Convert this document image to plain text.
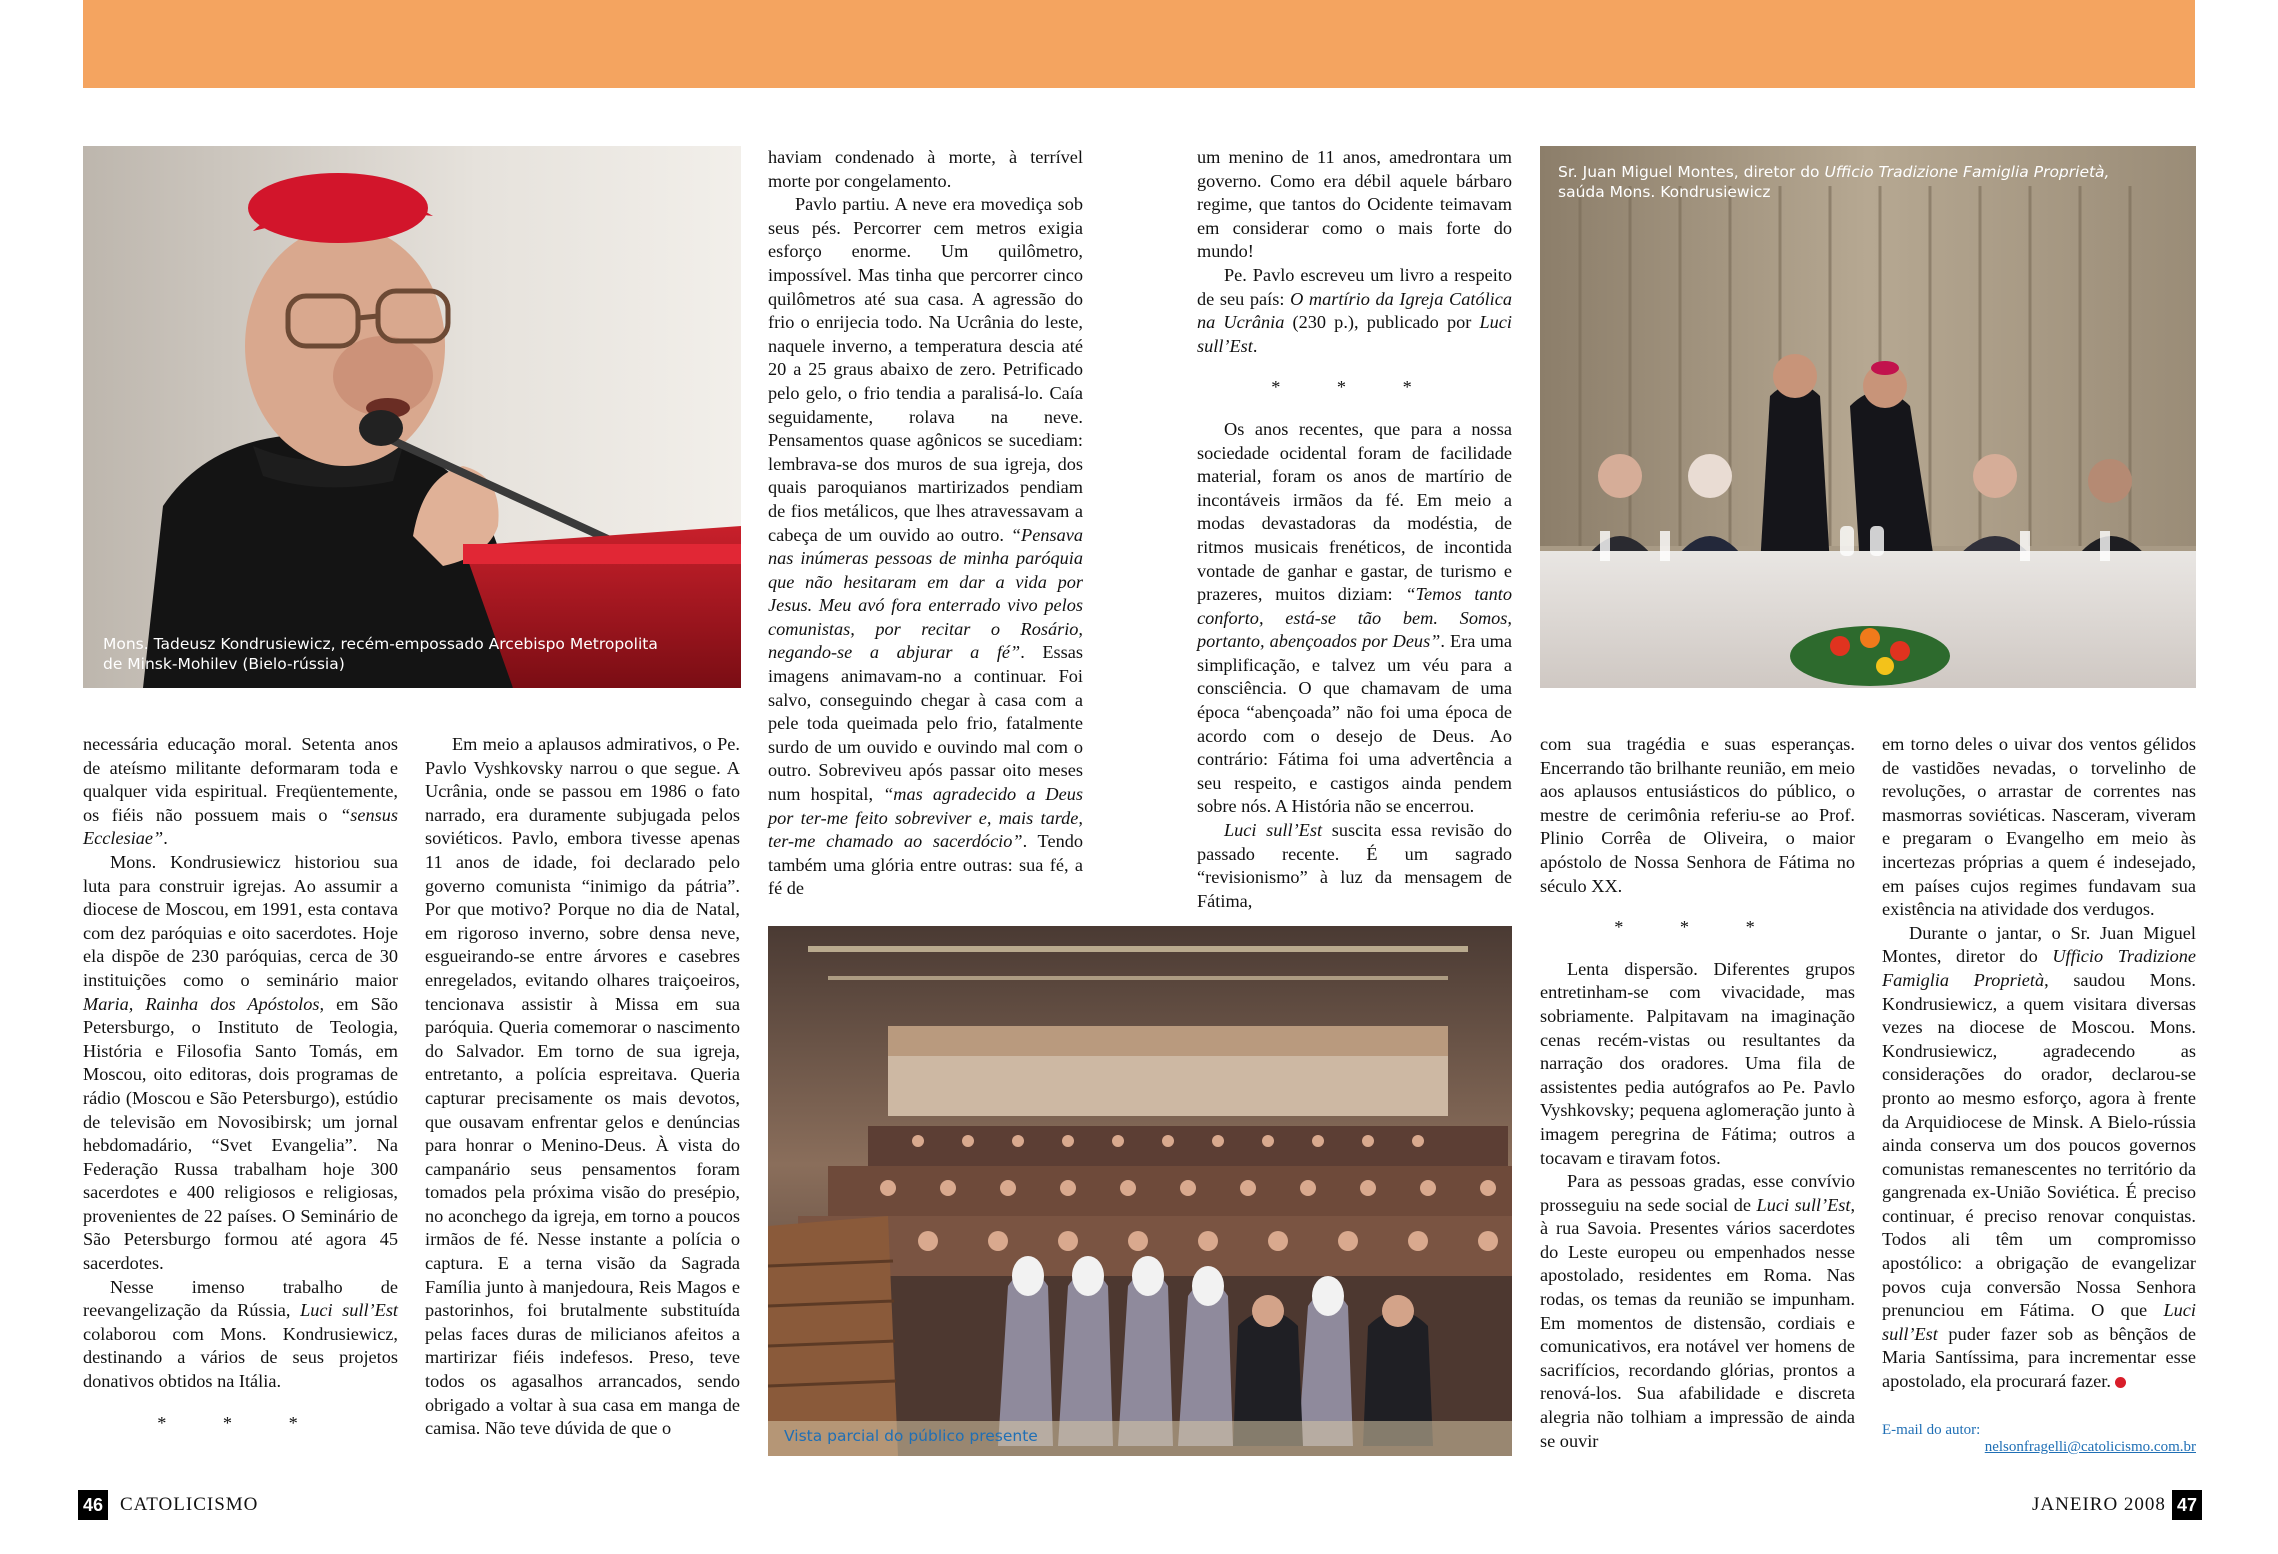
Mons. Tadeusz Kondrusiewicz, recém-empossado Arcebispo Metropolita
de Minsk-Mohilev (Bielo-rússia)
Sr. Juan Miguel Montes, diretor do Ufficio Tradizione Famiglia Proprietà,
saúda Mons. Kondrusiewicz
Vista parcial do público presente

necessária educação moral. Setenta anos de ateísmo militante deformaram toda e qualquer vida espiritual. Freqüentemente, os fiéis não possuem mais o “sensus Ecclesiae”.

Mons. Kondrusiewicz historiou sua luta para construir igrejas. Ao assumir a diocese de Moscou, em 1991, esta contava com dez paróquias e oito sacerdotes. Hoje ela dispõe de 230 paróquias, cerca de 30 instituições como o seminário maior Maria, Rainha dos Apóstolos, em São Petersburgo, o Instituto de Teologia, História e Filosofia Santo Tomás, em Moscou, oito editoras, dois programas de rádio (Moscou e São Petersburgo), estúdio de televisão em Novosibirsk; um jornal hebdomadário, “Svet Evangelia”. Na Federação Russa trabalham hoje 300 sacerdotes e 400 religiosos e religiosas, provenientes de 22 países. O Seminário de São Petersburgo formou até agora 45 sacerdotes.

Nesse imenso trabalho de reevangelização da Rússia, Luci sull’Est colaborou com Mons. Kondrusiewicz, destinando a vários de seus projetos donativos obtidos na Itália.

* * *

Em meio a aplausos admirativos, o Pe. Pavlo Vyshkovsky narrou o que segue. A Ucrânia, onde se passou em 1986 o fato narrado, era duramente subjugada pelos soviéticos. Pavlo, embora tivesse apenas 11 anos de idade, foi declarado pelo governo comunista “inimigo da pátria”. Por que motivo? Porque no dia de Natal, em rigoroso inverno, sobre densa neve, esgueirando-se entre árvores e casebres enregelados, evitando olhares traiçoeiros, tencionava assistir à Missa em sua paróquia. Queria comemorar o nascimento do Salvador. Em torno de sua igreja, entretanto, a polícia espreitava. Queria capturar precisamente os mais devotos, que ousavam enfrentar gelos e denúncias para honrar o Menino-Deus. À vista do campanário seus pensamentos foram tomados pela próxima visão do presépio, no aconchego da igreja, em torno a poucos irmãos de fé. Nesse instante a polícia o captura. E a terna visão da Sagrada Família junto à manjedoura, Reis Magos e pastorinhos, foi brutalmente substituída pelas faces duras de milicianos afeitos a martirizar fiéis indefesos. Preso, teve todos os agasalhos arrancados, sendo obrigado a voltar à sua casa em manga de camisa. Não teve dúvida de que o

haviam condenado à morte, à terrível morte por congelamento.

Pavlo partiu. A neve era movediça sob seus pés. Percorrer cem metros exigia esforço enorme. Um quilômetro, impossível. Mas tinha que percorrer cinco quilômetros até sua casa. A agressão do frio o enrijecia todo. Na Ucrânia do leste, naquele inverno, a temperatura descia até 20 a 25 graus abaixo de zero. Petrificado pelo gelo, o frio tendia a paralisá-lo. Caía seguidamente, rolava na neve. Pensamentos quase agônicos se sucediam: lembrava-se dos muros de sua igreja, dos quais paroquianos martirizados pendiam de fios metálicos, que lhes atravessavam a cabeça de um ouvido ao outro. “Pensava nas inúmeras pessoas de minha paróquia que não hesitaram em dar a vida por Jesus. Meu avó fora enterrado vivo pelos comunistas, por recitar o Rosário, negando-se a abjurar a fé”. Essas imagens animavam-no a continuar. Foi salvo, conseguindo chegar à casa com a pele toda queimada pelo frio, fatalmente surdo de um ouvido e ouvindo mal com o outro. Sobreviveu após passar oito meses num hospital, “mas agradecido a Deus por ter-me feito sobreviver e, mais tarde, ter-me chamado ao sacerdócio”. Tendo também uma glória entre outras: sua fé, a fé de

um menino de 11 anos, amedrontara um governo. Como era débil aquele bárbaro regime, que tantos do Ocidente teimavam em considerar como o mais forte do mundo!

Pe. Pavlo escreveu um livro a respeito de seu país: O martírio da Igreja Católica na Ucrânia (230 p.), publicado por Luci sull’Est.

* * *

Os anos recentes, que para a nossa sociedade ocidental foram de facilidade material, foram os anos de martírio de incontáveis irmãos da fé. Em meio a modas devastadoras da modéstia, de ritmos musicais frenéticos, de incontida vontade de ganhar e gastar, de turismo e prazeres, muitos diziam: “Temos tanto conforto, está-se tão bem. Somos, portanto, abençoados por Deus”. Era uma simplificação, e talvez um véu para a consciência. O que chamavam de uma época “abençoada” não foi uma época de acordo com o desejo de Deus. Ao contrário: Fátima foi uma advertência a seu respeito, e castigos ainda pendem sobre nós. A História não se encerrou.

Luci sull’Est suscita essa revisão do passado recente. É um sagrado “revisionismo” à luz da mensagem de Fátima,

com sua tragédia e suas esperanças. Encerrando tão brilhante reunião, em meio aos aplausos entusiásticos do público, o mestre de cerimônia referiu-se ao Prof. Plinio Corrêa de Oliveira, o maior apóstolo de Nossa Senhora de Fátima no século XX.

* * *

Lenta dispersão. Diferentes grupos entretinham-se com vivacidade, mas sobriamente. Palpitavam na imaginação cenas recém-vistas ou resultantes da narração dos oradores. Uma fila de assistentes pedia autógrafos ao Pe. Pavlo Vyshkovsky; pequena aglomeração junto à imagem peregrina de Fátima; outros a tocavam e tiravam fotos.

Para as pessoas gradas, esse convívio prosseguiu na sede social de Luci sull’Est, à rua Savoia. Presentes vários sacerdotes do Leste europeu ou empenhados nesse apostolado, residentes em Roma. Nas rodas, os temas da reunião se impunham. Em momentos de distensão, cordiais e comunicativos, era notável ver homens de sacrifícios, recordando glórias, prontos a renová-los. Sua afabilidade e discreta alegria não tolhiam a impressão de ainda se ouvir

em torno deles o uivar dos ventos gélidos de vastidões nevadas, o torvelinho de revoluções, o arrastar de correntes nas masmorras soviéticas. Nasceram, viveram e pregaram o Evangelho em meio às incertezas próprias a quem é indesejado, em países cujos regimes fundavam sua existência na atividade dos verdugos.

Durante o jantar, o Sr. Juan Miguel Montes, diretor do Ufficio Tradizione Famiglia Proprietà, saudou Mons. Kondrusiewicz, a quem visitara diversas vezes na diocese de Moscou. Mons. Kondrusiewicz, agradecendo as considerações do orador, declarou-se pronto ao mesmo esforço, agora à frente da Arquidiocese de Minsk. A Bielo-rússia ainda conserva um dos poucos governos comunistas remanescentes no território da gangrenada ex-União Soviética. É preciso continuar, é preciso renovar conquistas. Todos ali têm um compromisso apostólico: a obrigação de evangelizar povos cuja conversão Nossa Senhora prenunciou em Fátima. O que Luci sull’Est puder fazer sob as bênçãos de Maria Santíssima, para incrementar esse apostolado, ela procurará fazer.

E-mail do autor:
nelsonfragelli@catolicismo.com.br
46 CATOLICISMO	JANEIRO 2008 47
